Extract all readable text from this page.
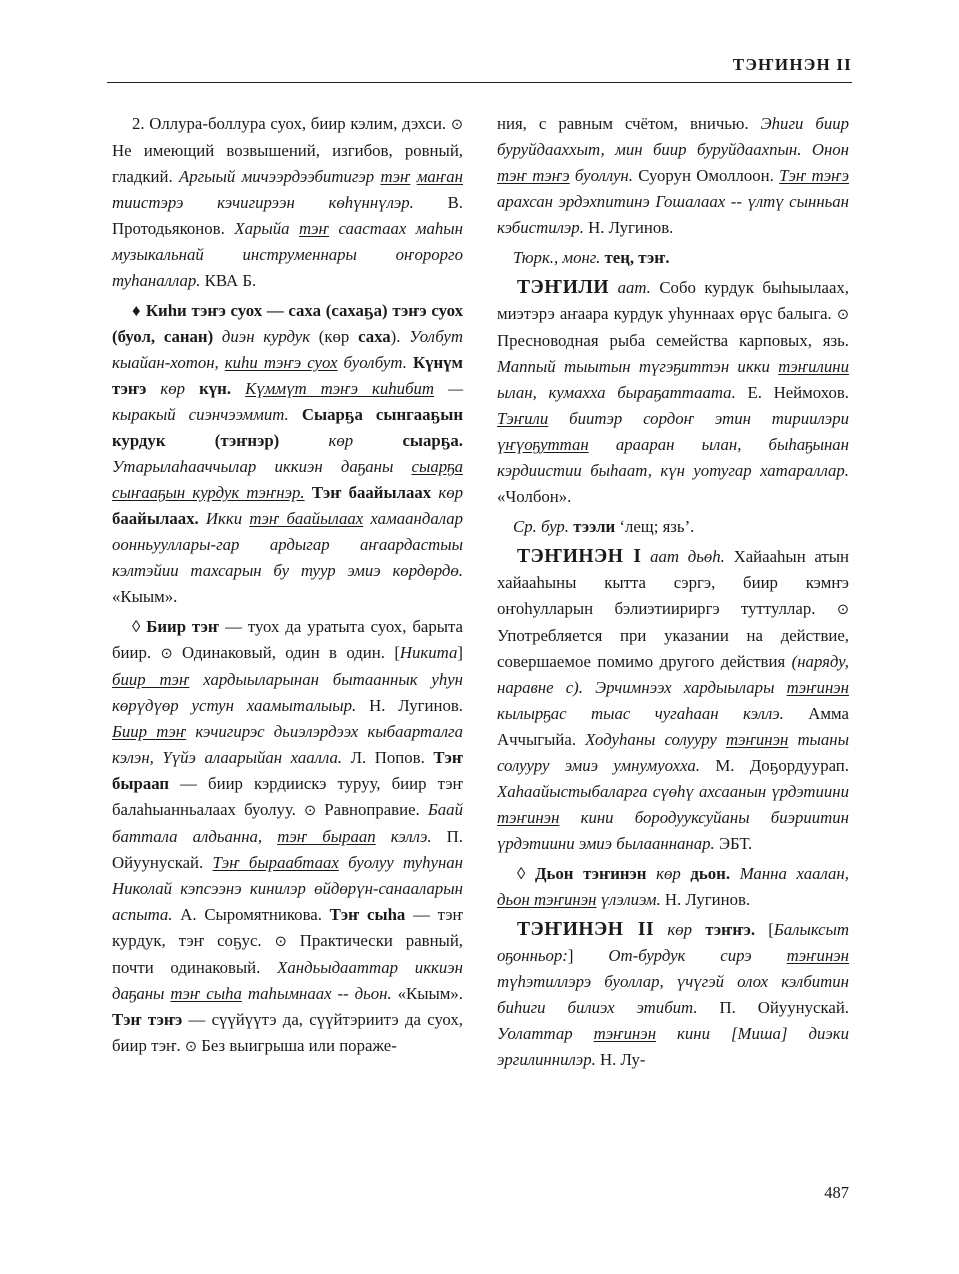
ТЭҤИНЭН II

2. Оллура-боллура суох, биир кэлим, дэхси. ⊙ Не имеющий возвышений, изгибов, ровный, гладкий. Аргыый мичээрдээбитигэр тэҥ маҥан тиистэрэ кэчигирээн көһүннүлэр. В. Протодьяконов. Харыйа тэҥ саастаах маһын музыкальнай инструменнары оҥорорго туһаналлар. КВА Б.

♦ Киһи тэҥэ суох — саха (сахаҕа) тэҥэ суох (буол, санан) диэн курдук (көр саха). Уолбут кыайан-хотон, киһи тэҥэ суох буолбут. Күнүм тэҥэ көр күн. Күммүт тэҥэ киһибит — кыракый сиэнчээммит. Сыарҕа сынгааҕын курдук (тэҥнэр)	көр	сыарҕа. Утарылаһааччылар иккиэн даҕаны сыарҕа сыҥааҕын курдук тэҥнэр. Тэҥ баайылаах көр баайылаах. Икки тэҥ баайылаах хамаандалар оонньууллары-гар ардыгар аҥаардастыы кэлтэйии тахсарын бу туур эмиэ көрдөрдө. «Кыым».

◊ Биир тэҥ — туох да уратыта суох, барыта биир. ⊙ Одинаковый, один в один. [Никита] биир тэҥ хардыыларынан бытааннык уһун көрүдүөр устун хаамыталыыр. Н. Лугинов. Биир тэҥ кэчигирэс дьиэлэрдээх кыбаарталга кэлэн, Үүйэ алаарыйан хаалла. Л. Попов. Тэҥ быраап — биир кэрдиискэ туруу, биир тэҥ балаһыанньалаах буолуу. ⊙ Равноправие. Баай баттала алдьанна, тэҥ быраап кэллэ. П. Ойуунускай. Тэҥ быраабтаах буолуу туһунан Николай кэпсээнэ кинилэр өйдөрүн-санааларын аспыта. А. Сыромятникова. Тэҥ сыһа — тэҥ курдук, тэҥ соҕус. ⊙ Практически равный, почти одинаковый. Хандьыдааттар иккиэн даҕаны тэҥ сыһа таһымнаах -- дьон. «Кыым». Тэҥ тэҥэ — сүүйүүтэ да, сүүйтэриитэ да суох, биир тэҥ. ⊙ Без выигрыша или пораже-

ния, с равным счётом, вничью. Эһиги биир буруйдааххыт, мин биир буруйдаахпын. Онон тэҥ тэҥэ буоллун. Суорун Омоллоон. Тэҥ тэҥэ арахсан эрдэхпитинэ Гошалаах -- үлтү сынньан кэбистилэр. Н. Лугинов.

Тюрк., монг. тең, тэҥ.

ТЭҤИЛИ аат. Собо курдук быһыылаах, миэтэрэ аҥаара курдук уһуннаах өрүс балыга. ⊙ Пресноводная рыба семейства карповых, язь. Маппый тыытын түгэҕиттэн икки тэҥилини ылан, кумахха быраҕаттаата. Е. Неймохов. Тэҥили биитэр сордоҥ этин тириилэри үҥүоҕуттан арааран ылан, быһаҕынан кэрдиистии быһаат, күн уотугар хатараллар. «Чолбон».

Ср. бур. тээли ‘лещ; язь’.

ТЭҤИНЭН I аат дьөһ. Хайааһын атын хайааһыны кытта сэргэ, биир кэмҥэ оҥоһулларын бэлиэтиириргэ туттуллар. ⊙ Употребляется при указании на действие, совершаемое помимо другого действия (наряду, наравне с). Эрчимнээх хардыылары тэҥинэн кылырҕас тыас чугаһаан кэллэ. Амма Аччыгыйа. Ходуһаны солууру тэҥинэн тыаны солууру эмиэ умнумуохха. М. Доҕордуурап. Хаһаайыстыбаларга сүөһү ахсаанын үрдэтиини тэҥинэн кини бородууксуйаны биэриитин үрдэтиини эмиэ былааннанар. ЭБТ.

◊ Дьон тэҥинэн көр дьон. Манна хаалан, дьон тэҥинэн үлэлиэм. Н. Лугинов.

ТЭҤИНЭН II көр тэҥҥэ. [Балыксыт оҕонньор:] От-бурдук сирэ тэҥинэн түһэтиллэрэ буоллар, үчүгэй олох кэлбитин биһиги билиэх этибит. П. Ойуунускай. Уолаттар тэҥинэн кини [Миша] диэки эргилиннилэр. Н. Лу-

487
